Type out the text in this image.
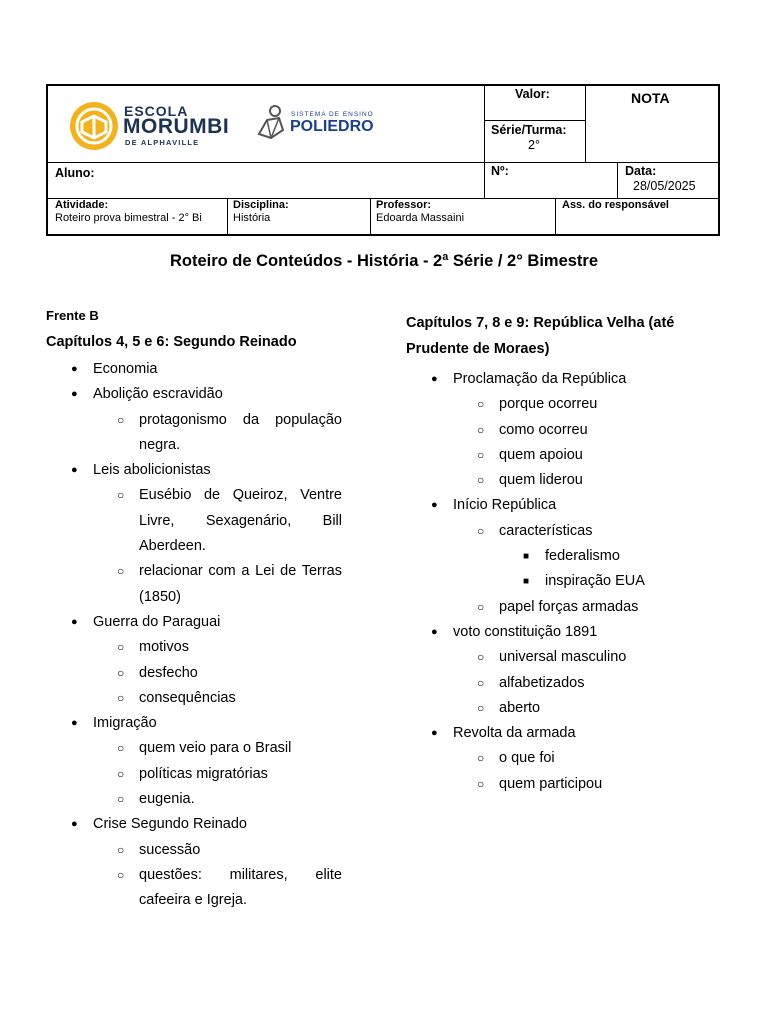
ESCOLA
MORUMBI
DE ALPHAVILLE
SISTEMA DE ENSINO
POLIEDRO
Valor:	NOTA
Série/Turma:
2°
Aluno:	Nº:	Data:
28/05/2025
Atividade:
Roteiro prova bimestral - 2° Bi
Disciplina:
História
Professor:
Edoarda Massaini
Ass. do responsável
Roteiro de Conteúdos - História - 2ª Série / 2° Bimestre
Frente B
Capítulos 4, 5 e 6: Segundo Reinado
● Economia
● Abolição escravidão
○ protagonismo da população negra.
● Leis abolicionistas
○ Eusébio de Queiroz, Ventre Livre, Sexagenário, Bill Aberdeen.
○ relacionar com a Lei de Terras (1850)
● Guerra do Paraguai
○ motivos
○ desfecho
○ consequências
● Imigração
○ quem veio para o Brasil
○ políticas migratórias
○ eugenia.
● Crise Segundo Reinado
○ sucessão
○ questões: militares, elite cafeeira e Igreja.
Capítulos 7, 8 e 9: República Velha (até Prudente de Moraes)
● Proclamação da República
○ porque ocorreu
○ como ocorreu
○ quem apoiou
○ quem liderou
● Início República
○ características
■ federalismo
■ inspiração EUA
○ papel forças armadas
● voto constituição 1891
○ universal masculino
○ alfabetizados
○ aberto
● Revolta da armada
○ o que foi
○ quem participou
